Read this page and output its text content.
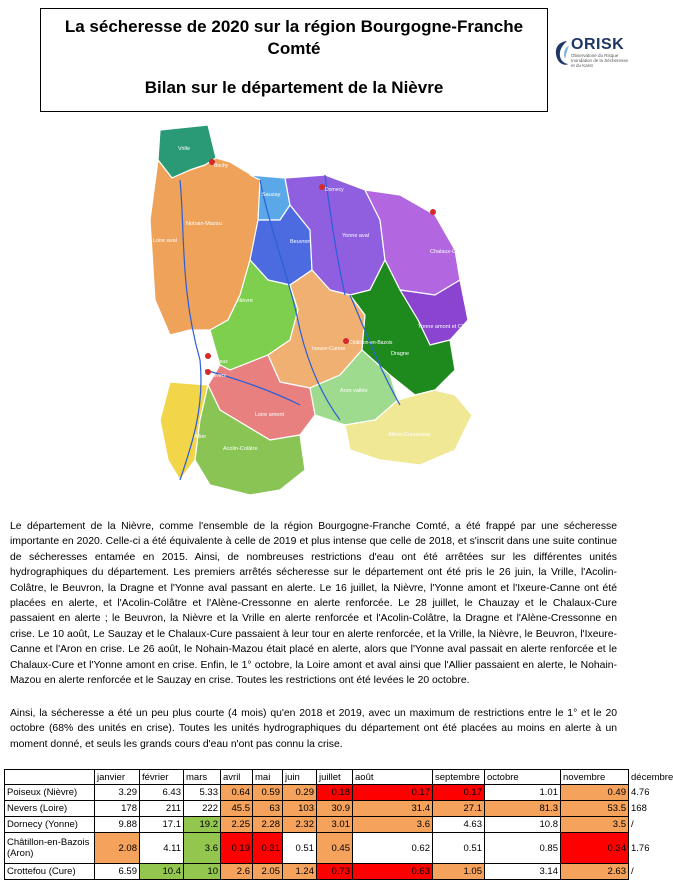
La sécheresse de 2020 sur la région Bourgogne-Franche
Comté
Bilan sur le département de la Nièvre
ORISK
Observatoire du Risque Inondation de la Sécheresse et du Karst
Vrille
Sauzay
Nohain-Mazou
Beuvron
Yonne aval
Chalaux-Cure
Nièvre
Yonne amont et Chalaux
Dragne
Ixeure-Canne
Loire amont
Aron vallée
Allier
Acolin-Colâtre
Alène-Cressonne
Loire aval
Bouhy
Dornecy
Crottefou
Châtillon-en-Bazois
Poiseux
Nevers

Le département de la Nièvre, comme l'ensemble de la région Bourgogne-Franche Comté, a été frappé par une sécheresse importante en 2020. Celle-ci a été équivalente à celle de 2019 et plus intense que celle de 2018, et s'inscrit dans une suite continue de sécheresses entamée en 2015. Ainsi, de nombreuses restrictions d'eau ont été arrêtées sur les différentes unités hydrographiques du département. Les premiers arrêtés sécheresse sur le département ont été pris le 26 juin, la Vrille, l'Acolin-Colâtre, le Beuvron, la Dragne et l'Yonne aval passant en alerte. Le 16 juillet, la Nièvre, l'Yonne amont et l'Ixeure-Canne ont été placées en alerte, et l'Acolin-Colâtre et l'Alène-Cressonne en alerte renforcée. Le 28 juillet, le Chauzay et le Chalaux-Cure passaient en alerte ; le Beuvron, la Nièvre et la Vrille en alerte renforcée et l'Acolin-Colâtre, la Dragne et l'Alène-Cressonne en crise. Le 10 août, Le Sauzay et le Chalaux-Cure passaient à leur tour en alerte renforcée, et la Vrille, la Nièvre, le Beuvron, l'Ixeure-Canne et l'Aron en crise. Le 26 août, le Nohain-Mazou était placé en alerte, alors que l'Yonne aval passait en alerte renforcée et le Chalaux-Cure et l'Yonne amont en crise. Enfin, le 1° octobre, la Loire amont et aval ainsi que l'Allier passaient en alerte, le Nohain-Mazou en alerte renforcée et le Sauzay en crise. Toutes les restrictions ont été levées le 20 octobre.

Ainsi, la sécheresse a été un peu plus courte (4 mois) qu'en 2018 et 2019, avec un maximum de restrictions entre le 1° et le 20 octobre (68% des unités en crise). Toutes les unités hydrographiques du département ont été placées au moins en alerte à un moment donné, et seuls les grands cours d'eau n'ont pas connu la crise.

	janvier	février	mars	avril	mai	juin	juillet	août	septembre	octobre	novembre	décembre
Poiseux (Nièvre)	3.29	6.43	5.33	0.64	0.59	0.29	0.18	0.17	0.17	1.01	0.49	4.76
Nevers (Loire)	178	211	222	45.5	63	103	30.9	31.4	27.1	81.3	53.5	168
Dornecy (Yonne)	9.88	17.1	19.2	2.25	2.28	2.32	3.01	3.6	4.63	10.8	3.5	/
Châtillon-en-Bazois (Aron)	2.08	4.11	3.6	0.19	0.31	0.51	0.45	0.62	0.51	0.85	0.34	1.76
Crottefou (Cure)	6.59	10.4	10	2.6	2.05	1.24	0.73	0.63	1.05	3.14	2.63	/
